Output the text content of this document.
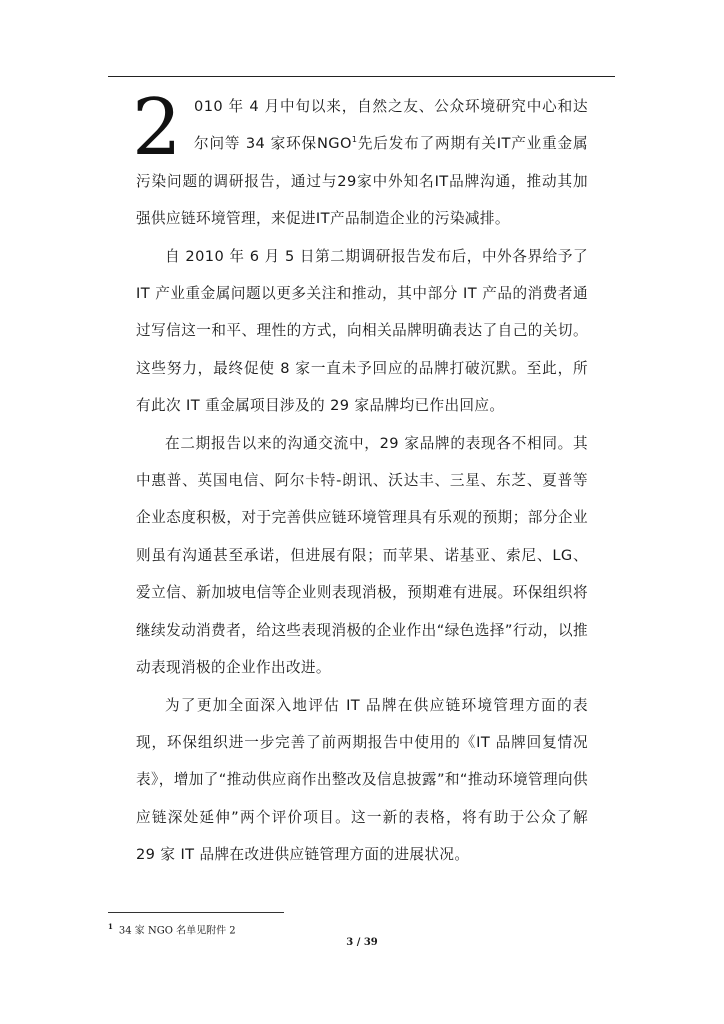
2 010 年 4 月中旬以来，自然之友、公众环境研究中心和达尔问等 34 家环保NGO$^1$先后发布了两期有关IT产业重金属污染问题的调研报告，通过与29家中外知名IT品牌沟通，推动其加强供应链环境管理，来促进IT产品制造企业的污染减排。

自 2010 年 6 月 5 日第二期调研报告发布后，中外各界给予了 IT 产业重金属问题以更多关注和推动，其中部分 IT 产品的消费者通过写信这一和平、理性的方式，向相关品牌明确表达了自己的关切。这些努力，最终促使 8 家一直未予回应的品牌打破沉默。至此，所有此次 IT 重金属项目涉及的 29 家品牌均已作出回应。

在二期报告以来的沟通交流中，29 家品牌的表现各不相同。其中惠普、英国电信、阿尔卡特-朗讯、沃达丰、三星、东芝、夏普等企业态度积极，对于完善供应链环境管理具有乐观的预期；部分企业则虽有沟通甚至承诺，但进展有限；而苹果、诺基亚、索尼、LG、爱立信、新加坡电信等企业则表现消极，预期难有进展。环保组织将继续发动消费者，给这些表现消极的企业作出“绿色选择”行动，以推动表现消极的企业作出改进。

为了更加全面深入地评估 IT 品牌在供应链环境管理方面的表现，环保组织进一步完善了前两期报告中使用的《IT 品牌回复情况表》，增加了“推动供应商作出整改及信息披露”和“推动环境管理向供应链深处延伸”两个评价项目。这一新的表格，将有助于公众了解 29 家 IT 品牌在改进供应链管理方面的进展状况。

$^1$ 34 家 NGO 名单见附件 2
3 / 39
